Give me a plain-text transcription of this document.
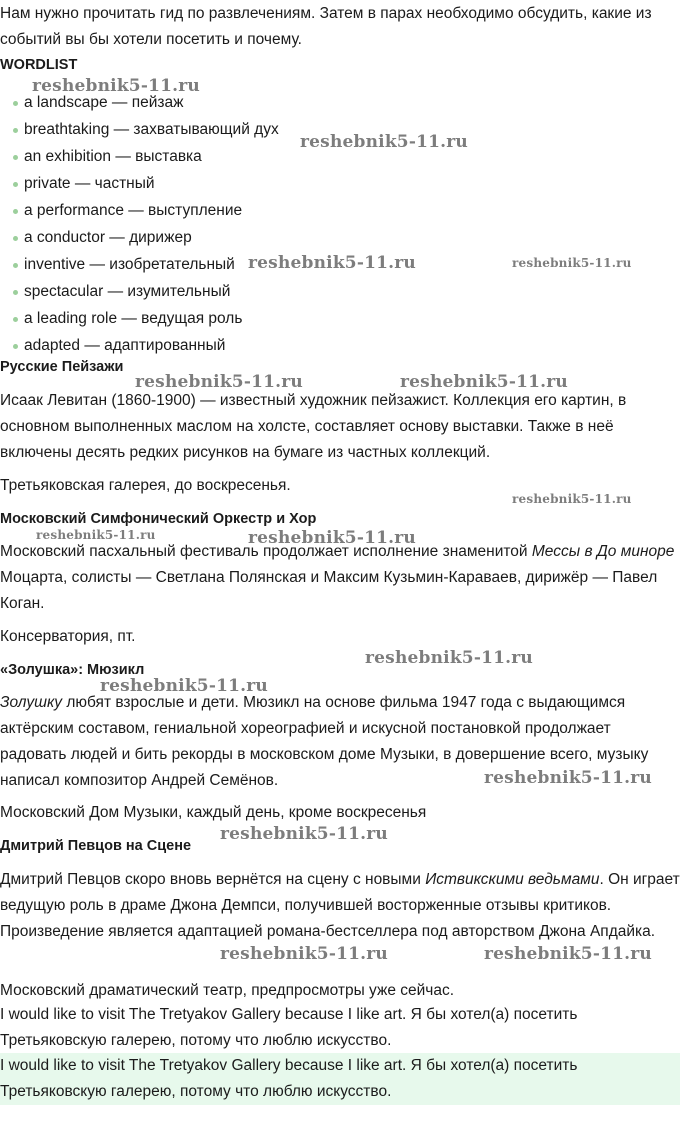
Нам нужно прочитать гид по развлечениям. Затем в парах необходимо обсудить, какие из событий вы бы хотели посетить и почему.

WORDLIST
a landscape — пейзаж
breathtaking — захватывающий дух
an exhibition — выставка
private — частный
a performance — выступление
a conductor — дирижер
inventive — изобретательный
spectacular — изумительный
a leading role — ведущая роль
adapted — адаптированный
Русские Пейзажи

Исаак Левитан (1860-1900) — известный художник пейзажист. Коллекция его картин, в основном выполненных маслом на холсте, составляет основу выставки. Также в неё включены десять редких рисунков на бумаге из частных коллекций.

Третьяковская галерея, до воскресенья.

Московский Симфонический Оркестр и Хор

Московский пасхальный фестиваль продолжает исполнение знаменитой Мессы в До миноре Моцарта, солисты — Светлана Полянская и Максим Кузьмин-Караваев, дирижёр — Павел Коган.

Консерватория, пт.

«Золушка»: Мюзикл

Золушку любят взрослые и дети. Мюзикл на основе фильма 1947 года с выдающимся актёрским составом, гениальной хореографией и искусной постановкой продолжает радовать людей и бить рекорды в московском доме Музыки, в довершение всего, музыку написал композитор Андрей Семёнов.

Московский Дом Музыки, каждый день, кроме воскресенья

Дмитрий Певцов на Сцене

Дмитрий Певцов скоро вновь вернётся на сцену с новыми Иствикскими ведьмами. Он играет ведущую роль в драме Джона Демпси, получившей восторженные отзывы критиков. Произведение является адаптацией романа-бестселлера под авторством Джона Апдайка.

Московский драматический театр, предпросмотры уже сейчас.

I would like to visit The Tretyakov Gallery because I like art. Я бы хотел(а) посетить Третьяковскую галерею, потому что люблю искусство.

I would like to visit The Tretyakov Gallery because I like art. Я бы хотел(а) посетить Третьяковскую галерею, потому что люблю искусство.

reshebnik5-11.ru
reshebnik5-11.ru
reshebnik5-11.ru	reshebnik5-11.ru
reshebnik5-11.ru	reshebnik5-11.ru
reshebnik5-11.ru
reshebnik5-11.ru	reshebnik5-11.ru
reshebnik5-11.ru
reshebnik5-11.ru
reshebnik5-11.ru
reshebnik5-11.ru
reshebnik5-11.ru	reshebnik5-11.ru
